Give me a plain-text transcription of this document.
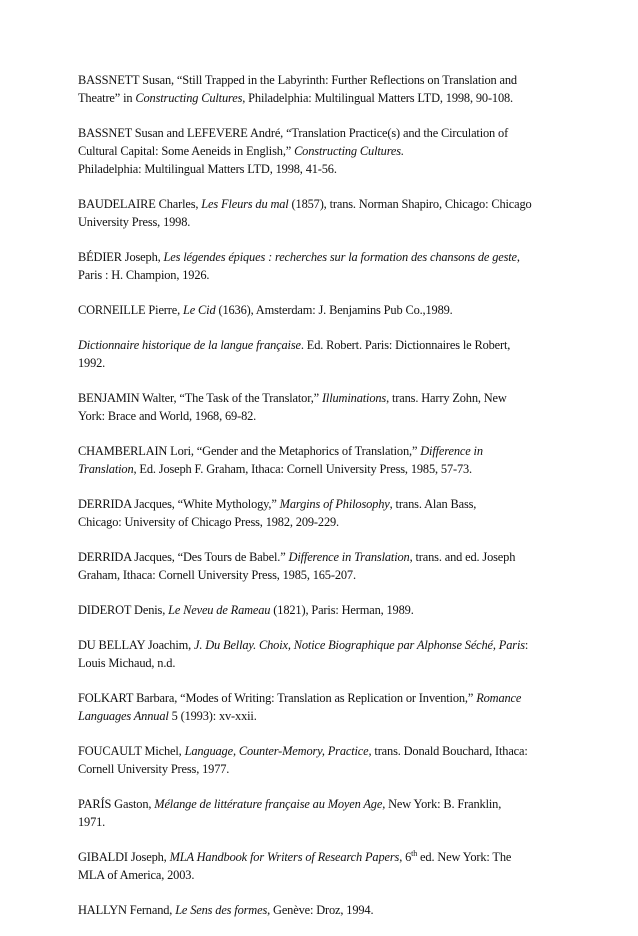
BASSNETT Susan, “Still Trapped in the Labyrinth: Further Reflections on Translation and
Theatre” in Constructing Cultures, Philadelphia: Multilingual Matters LTD, 1998, 90-108.
BASSNET Susan and LEFEVERE André, “Translation Practice(s) and the Circulation of
Cultural Capital: Some Aeneids in English,” Constructing Cultures.
Philadelphia: Multilingual Matters LTD, 1998, 41-56.
BAUDELAIRE Charles, Les Fleurs du mal (1857), trans. Norman Shapiro, Chicago: Chicago
University Press, 1998.
BÉDIER Joseph, Les légendes épiques : recherches sur la formation des chansons de geste,
Paris : H. Champion, 1926.
CORNEILLE Pierre, Le Cid (1636), Amsterdam: J. Benjamins Pub Co.,1989.
Dictionnaire historique de la langue française. Ed. Robert. Paris: Dictionnaires le Robert,
1992.
BENJAMIN Walter, “The Task of the Translator,” Illuminations, trans. Harry Zohn, New
York: Brace and World, 1968, 69-82.
CHAMBERLAIN Lori, “Gender and the Metaphorics of Translation,” Difference in
Translation, Ed. Joseph F. Graham, Ithaca: Cornell University Press, 1985, 57-73.
DERRIDA Jacques, “White Mythology,” Margins of Philosophy, trans. Alan Bass,
Chicago: University of Chicago Press, 1982, 209-229.
DERRIDA Jacques, “Des Tours de Babel.” Difference in Translation, trans. and ed. Joseph
Graham, Ithaca: Cornell University Press, 1985, 165-207.
DIDEROT Denis, Le Neveu de Rameau (1821), Paris: Herman, 1989.
DU BELLAY Joachim, J. Du Bellay. Choix, Notice Biographique par Alphonse Séché, Paris:
Louis Michaud, n.d.
FOLKART Barbara, “Modes of Writing: Translation as Replication or Invention,” Romance
Languages Annual 5 (1993): xv-xxii.
FOUCAULT Michel, Language, Counter-Memory, Practice, trans. Donald Bouchard, Ithaca:
Cornell University Press, 1977.
PARÍS Gaston, Mélange de littérature française au Moyen Age, New York: B. Franklin,
1971.
GIBALDI Joseph, MLA Handbook for Writers of Research Papers, 6th ed. New York: The
MLA of America, 2003.
HALLYN Fernand, Le Sens des formes, Genève: Droz, 1994.
